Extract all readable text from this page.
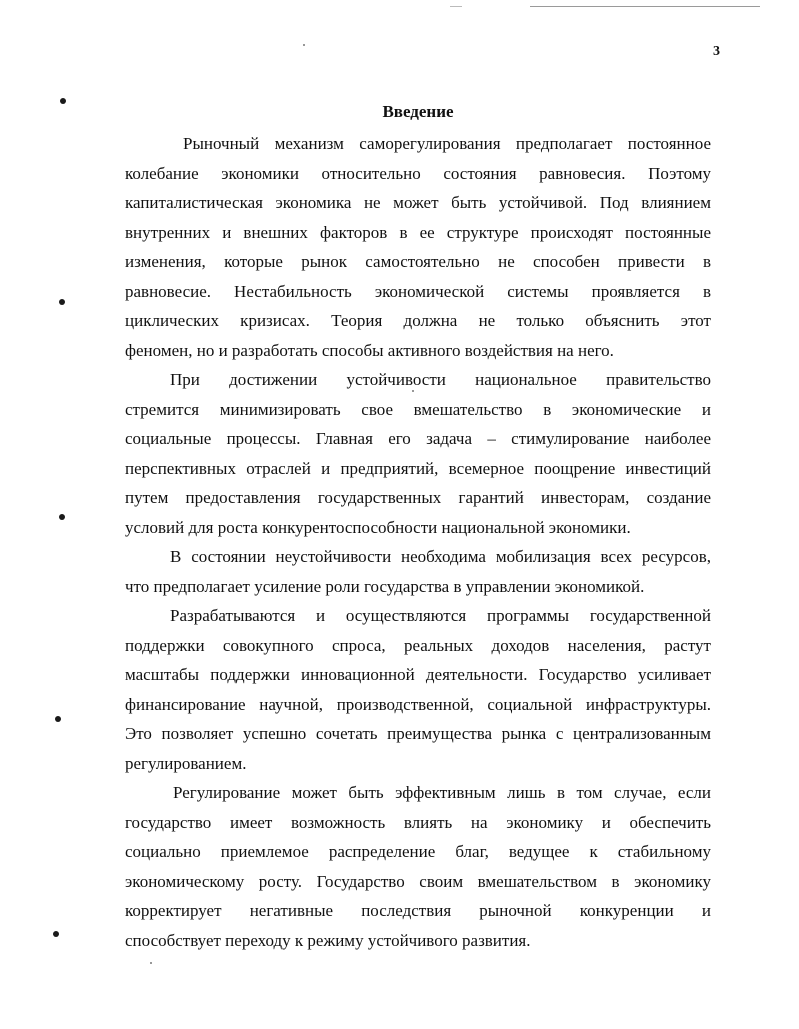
3
Введение

Рыночный механизм саморегулирования предполагает постоянное

колебание экономики относительно состояния равновесия. Поэтому

капиталистическая экономика не может быть устойчивой. Под влиянием

внутренних и внешних факторов в ее структуре происходят постоянные

изменения, которые рынок самостоятельно не способен привести в

равновесие. Нестабильность экономической системы проявляется в

циклических кризисах. Теория должна не только объяснить этот

феномен, но и разработать способы активного воздействия на него.

При достижении устойчивости национальное правительство

стремится минимизировать свое вмешательство в экономические и

социальные процессы. Главная его задача – стимулирование наиболее

перспективных отраслей и предприятий, всемерное поощрение инвестиций

путем предоставления государственных гарантий инвесторам, создание

условий для роста конкурентоспособности национальной экономики.

В состоянии неустойчивости необходима мобилизация всех ресурсов,

что предполагает усиление роли государства в управлении экономикой.

Разрабатываются и осуществляются программы государственной

поддержки совокупного спроса, реальных доходов населения, растут

масштабы поддержки инновационной деятельности. Государство усиливает

финансирование научной, производственной, социальной инфраструктуры.

Это позволяет успешно сочетать преимущества рынка с централизованным

регулированием.

Регулирование может быть эффективным лишь в том случае, если

государство имеет возможность влиять на экономику и обеспечить

социально приемлемое распределение благ, ведущее к стабильному

экономическому росту. Государство своим вмешательством в экономику

корректирует негативные последствия рыночной конкуренции и

способствует переходу к режиму устойчивого развития.
